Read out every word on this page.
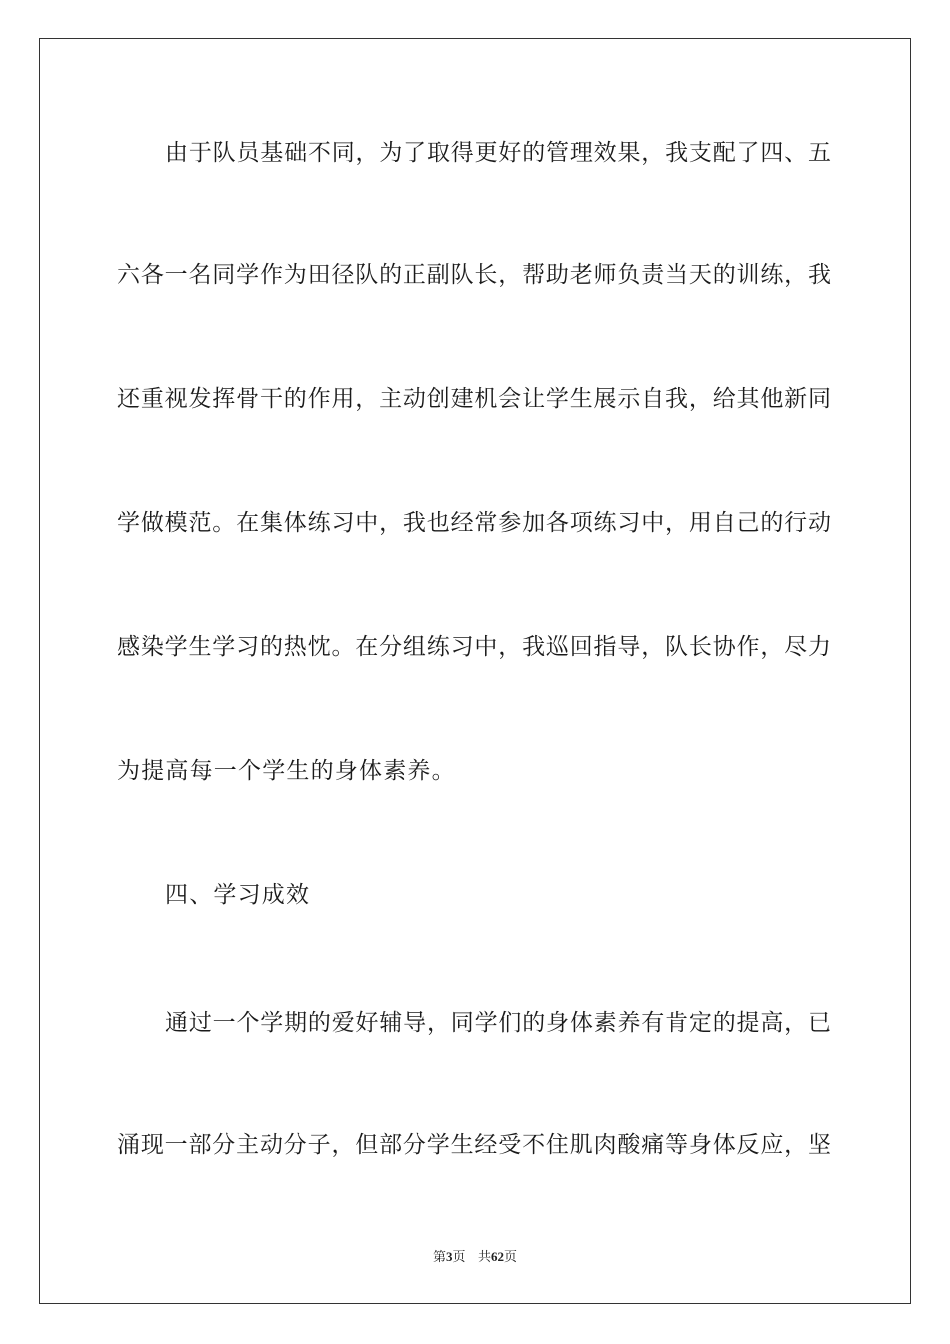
由于队员基础不同，为了取得更好的管理效果，我支配了四、五
六各一名同学作为田径队的正副队长，帮助老师负责当天的训练，我
还重视发挥骨干的作用，主动创建机会让学生展示自我，给其他新同
学做模范。在集体练习中，我也经常参加各项练习中，用自己的行动
感染学生学习的热忱。在分组练习中，我巡回指导，队长协作，尽力
为提高每一个学生的身体素养。
四、学习成效
通过一个学期的爱好辅导，同学们的身体素养有肯定的提高，已
涌现一部分主动分子，但部分学生经受不住肌肉酸痛等身体反应，坚
第3页 共62页
